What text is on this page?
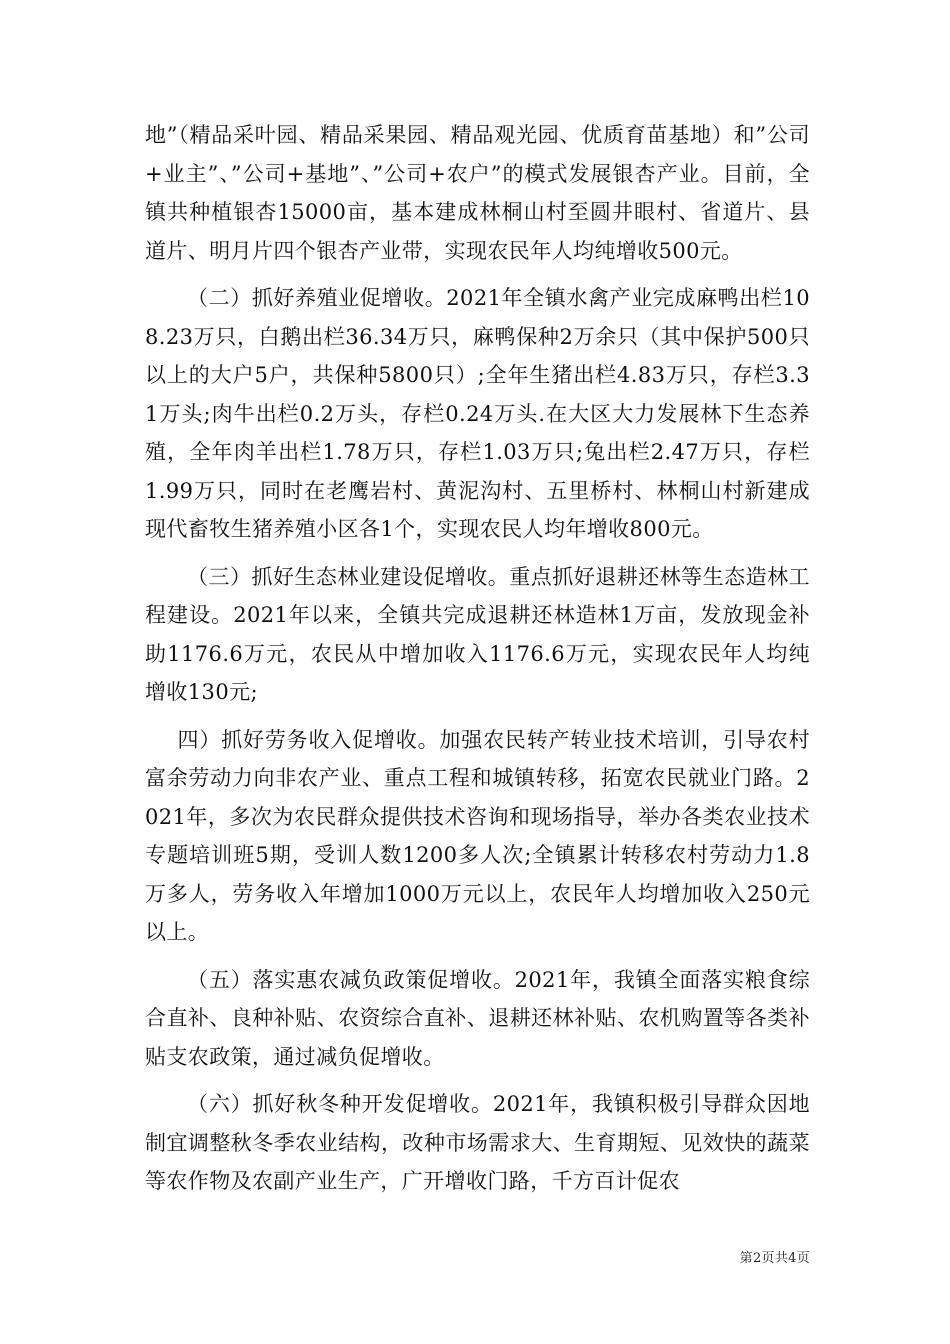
地”（精品采叶园、精品采果园、精品观光园、优质育苗基地）和”公司+业主”、”公司+基地”、”公司+农户”的模式发展银杏产业。目前，全镇共种植银杏15000亩，基本建成林桐山村至圆井眼村、省道片、县道片、明月片四个银杏产业带，实现农民年人均纯增收500元。

（二）抓好养殖业促增收。2021年全镇水禽产业完成麻鸭出栏108.23万只，白鹅出栏36.34万只，麻鸭保种2万余只（其中保护500只以上的大户5户，共保种5800只）;全年生猪出栏4.83万只，存栏3.31万头;肉牛出栏0.2万头，存栏0.24万头.在大区大力发展林下生态养殖，全年肉羊出栏1.78万只，存栏1.03万只;兔出栏2.47万只，存栏1.99万只，同时在老鹰岩村、黄泥沟村、五里桥村、林桐山村新建成现代畜牧生猪养殖小区各1个，实现农民人均年增收800元。

（三）抓好生态林业建设促增收。重点抓好退耕还林等生态造林工程建设。2021年以来，全镇共完成退耕还林造林1万亩，发放现金补助1176.6万元，农民从中增加收入1176.6万元，实现农民年人均纯增收130元;

四）抓好劳务收入促增收。加强农民转产转业技术培训，引导农村富余劳动力向非农产业、重点工程和城镇转移，拓宽农民就业门路。2021年，多次为农民群众提供技术咨询和现场指导，举办各类农业技术专题培训班5期，受训人数1200多人次;全镇累计转移农村劳动力1.8万多人，劳务收入年增加1000万元以上，农民年人均增加收入250元以上。

（五）落实惠农减负政策促增收。2021年，我镇全面落实粮食综合直补、良种补贴、农资综合直补、退耕还林补贴、农机购置等各类补贴支农政策，通过减负促增收。

（六）抓好秋冬种开发促增收。2021年，我镇积极引导群众因地制宜调整秋冬季农业结构，改种市场需求大、生育期短、见效快的蔬菜等农作物及农副产业生产，广开增收门路，千方百计促农

第2页共4页
